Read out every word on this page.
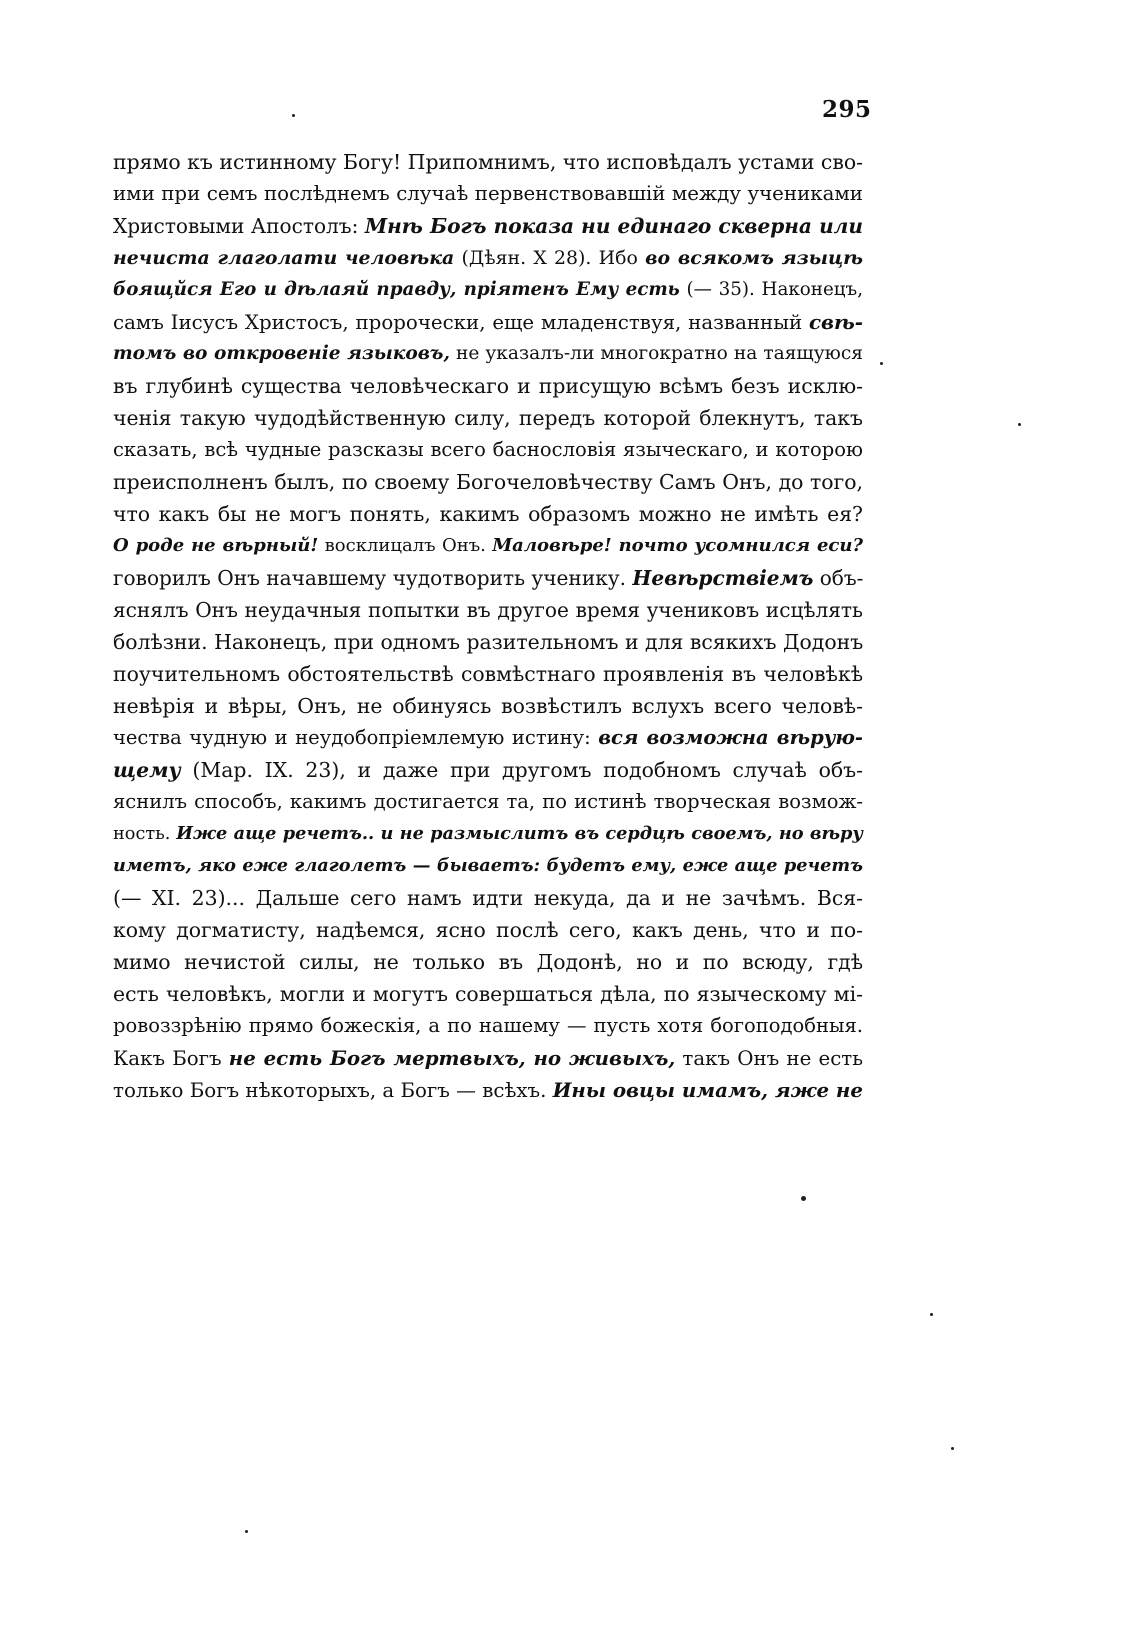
295
прямо къ истинному Богу! Припомнимъ, что исповѣдалъ устами сво-
ими при семъ послѣднемъ случаѣ первенствовавшій между учениками
Христовыми Апостолъ: Мнѣ Богъ показа ни единаго скверна или
нечиста глаголати человѣка (Дѣян. X 28). Ибо во всякомъ языцѣ
боящйся Его и дѣлаяй правду, пріятенъ Ему есть (— 35). Наконецъ,
самъ Іисусъ Христосъ, пророчески, еще младенствуя, названный свѣ-
томъ во откровеніе языковъ, не указалъ-ли многократно на таящуюся
въ глубинѣ существа человѣческаго и присущую всѣмъ безъ исклю-
ченія такую чудодѣйственную силу, передъ которой блекнутъ, такъ
сказать, всѣ чудные разсказы всего баснословія языческаго, и которою
преисполненъ былъ, по своему Богочеловѣчеству Самъ Онъ, до того,
что какъ бы не могъ понять, какимъ образомъ можно не имѣть ея?
О роде не вѣрный! восклицалъ Онъ. Маловѣре! почто усомнился еси?
говорилъ Онъ начавшему чудотворить ученику. Невѣрствіемъ объ-
яснялъ Онъ неудачныя попытки въ другое время учениковъ исцѣлять
болѣзни. Наконецъ, при одномъ разительномъ и для всякихъ Додонъ
поучительномъ обстоятельствѣ совмѣстнаго проявленія въ человѣкѣ
невѣрія и вѣры, Онъ, не обинуясь возвѣстилъ вслухъ всего человѣ-
чества чудную и неудобопріемлемую истину: вся возможна вѣрую-
щему (Мар. IX. 23), и даже при другомъ подобномъ случаѣ объ-
яснилъ способъ, какимъ достигается та, по истинѣ творческая возмож-
ность. Иже аще речетъ.. и не размыслитъ въ сердцѣ своемъ, но вѣру
иметъ, яко еже глаголетъ — бываетъ: будетъ ему, еже аще речетъ
(— XI. 23)... Дальше сего намъ идти некуда, да и не зачѣмъ. Вся-
кому догматисту, надѣемся, ясно послѣ сего, какъ день, что и по-
мимо нечистой силы, не только въ Додонѣ, но и по всюду, гдѣ
есть человѣкъ, могли и могутъ совершаться дѣла, по языческому мі-
ровоззрѣнію прямо божескія, а по нашему — пусть хотя богоподобныя.
Какъ Богъ не есть Богъ мертвыхъ, но живыхъ, такъ Онъ не есть
только Богъ нѣкоторыхъ, а Богъ — всѣхъ. Ины овцы имамъ, яже не
